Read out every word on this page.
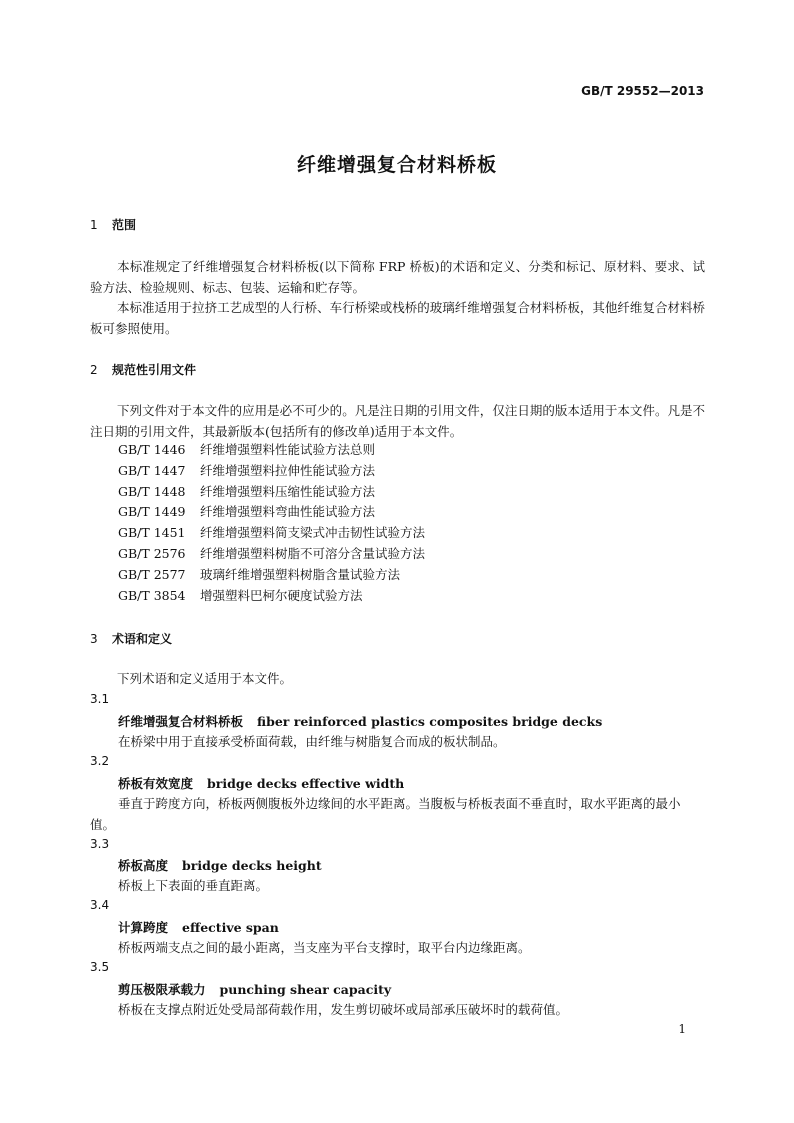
GB/T 29552—2013
纤维增强复合材料桥板
1 范围
本标准规定了纤维增强复合材料桥板(以下简称 FRP 桥板)的术语和定义、分类和标记、原材料、要求、试验方法、检验规则、标志、包装、运输和贮存等。
本标准适用于拉挤工艺成型的人行桥、车行桥梁或栈桥的玻璃纤维增强复合材料桥板，其他纤维复合材料桥板可参照使用。
2 规范性引用文件
下列文件对于本文件的应用是必不可少的。凡是注日期的引用文件，仅注日期的版本适用于本文件。凡是不注日期的引用文件，其最新版本(包括所有的修改单)适用于本文件。
GB/T 1446 纤维增强塑料性能试验方法总则
GB/T 1447 纤维增强塑料拉伸性能试验方法
GB/T 1448 纤维增强塑料压缩性能试验方法
GB/T 1449 纤维增强塑料弯曲性能试验方法
GB/T 1451 纤维增强塑料简支梁式冲击韧性试验方法
GB/T 2576 纤维增强塑料树脂不可溶分含量试验方法
GB/T 2577 玻璃纤维增强塑料树脂含量试验方法
GB/T 3854 增强塑料巴柯尔硬度试验方法
3 术语和定义
下列术语和定义适用于本文件。
3.1
纤维增强复合材料桥板 fiber reinforced plastics composites bridge decks
在桥梁中用于直接承受桥面荷载，由纤维与树脂复合而成的板状制品。
3.2
桥板有效宽度 bridge decks effective width
垂直于跨度方向，桥板两侧腹板外边缘间的水平距离。当腹板与桥板表面不垂直时，取水平距离的最小值。
3.3
桥板高度 bridge decks height
桥板上下表面的垂直距离。
3.4
计算跨度 effective span
桥板两端支点之间的最小距离，当支座为平台支撑时，取平台内边缘距离。
3.5
剪压极限承载力 punching shear capacity
桥板在支撑点附近处受局部荷载作用，发生剪切破坏或局部承压破坏时的载荷值。
1
